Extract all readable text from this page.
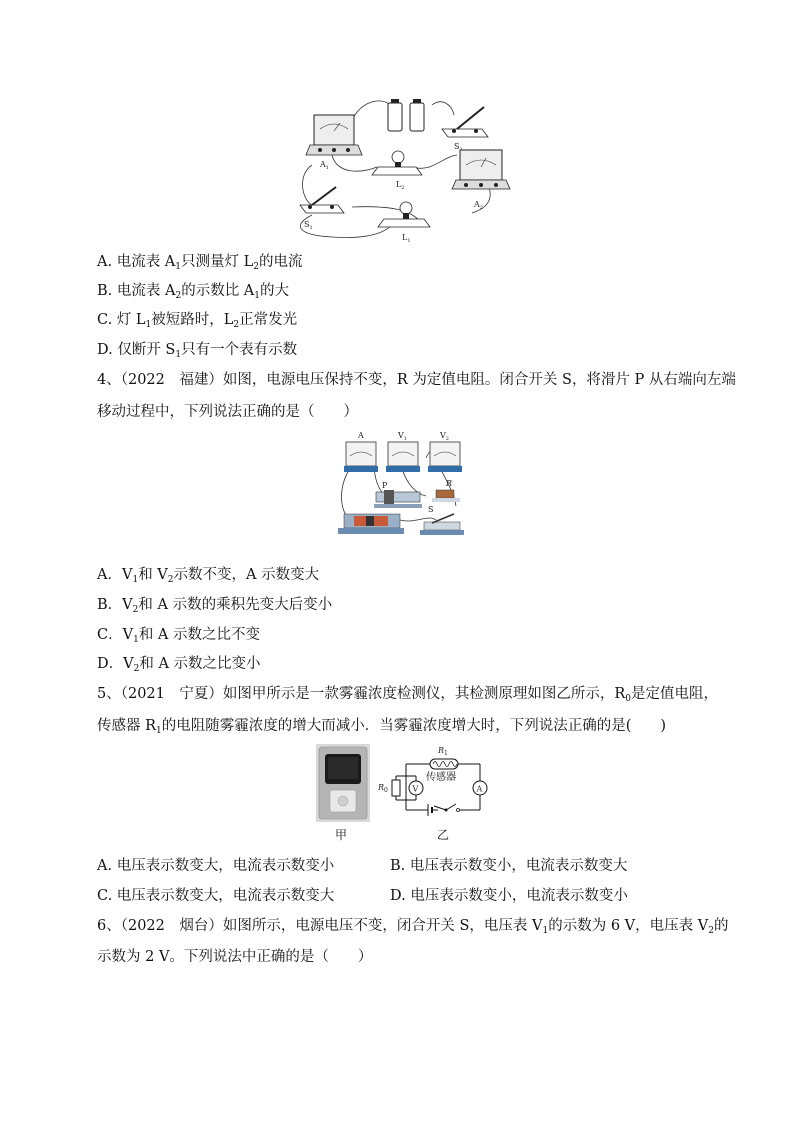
$A_1$
S
$L_2$
$A_2$
$S_1$
$L_1$
A. 电流表 $A_1$只测量灯 $L_2$的电流
B. 电流表 $A_2$的示数比 $A_1$的大
C. 灯 $L_1$被短路时，$L_2$正常发光
D. 仅断开 $S_1$只有一个表有示数
4、（2022　福建）如图，电源电压保持不变，R 为定值电阻。闭合开关 S，将滑片 P 从右端向左端
移动过程中，下列说法正确的是（　　）
A	$V_1$	$V_2$
P	R
S
A．$V_1$和 $V_2$示数不变，A 示数变大
B．$V_2$和 A 示数的乘积先变大后变小
C．$V_1$和 A 示数之比不变
D．$V_2$和 A 示数之比变小
5、（2021　宁夏）如图甲所示是一款雾霾浓度检测仪，其检测原理如图乙所示，$R_0$是定值电阻，
传感器 $R_1$的电阻随雾霾浓度的增大而减小．当雾霾浓度增大时，下列说法正确的是(　　)
甲
$R_0$	V	A
$R_1$
传感器
乙
A. 电压表示数变大，电流表示数变小	B. 电压表示数变小，电流表示数变大
C. 电压表示数变大，电流表示数变大	D. 电压表示数变小，电流表示数变小
6、（2022　烟台）如图所示，电源电压不变，闭合开关 S，电压表 $V_1$的示数为 6 V，电压表 $V_2$的
示数为 2 V。下列说法中正确的是（　　）
